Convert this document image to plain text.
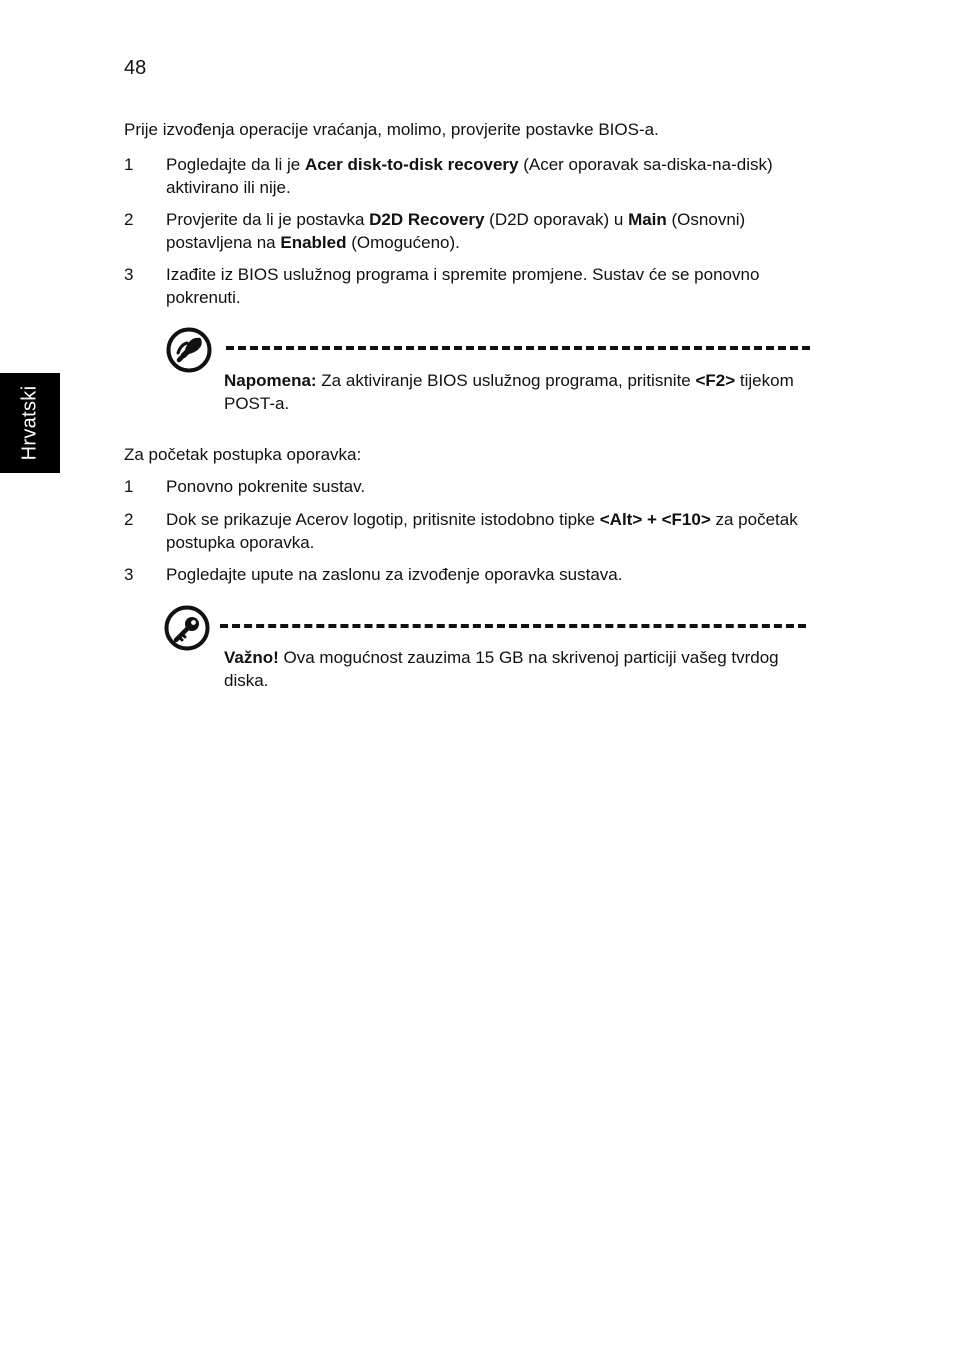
48
Hrvatski

Prije izvođenja operacije vraćanja, molimo, provjerite postavke BIOS-a.

1	Pogledajte da li je Acer disk-to-disk recovery (Acer oporavak sa-diska-na-disk) aktivirano ili nije.
2	Provjerite da li je postavka D2D Recovery (D2D oporavak) u Main (Osnovni) postavljena na Enabled (Omogućeno).
3	Izađite iz BIOS uslužnog programa i spremite promjene. Sustav će se ponovno pokrenuti.
Napomena: Za aktiviranje BIOS uslužnog programa, pritisnite <F2> tijekom POST-a.

Za početak postupka oporavka:

1	Ponovno pokrenite sustav.
2	Dok se prikazuje Acerov logotip, pritisnite istodobno tipke <Alt> + <F10> za početak postupka oporavka.
3	Pogledajte upute na zaslonu za izvođenje oporavka sustava.
Važno! Ova mogućnost zauzima 15 GB na skrivenoj particiji vašeg tvrdog diska.
